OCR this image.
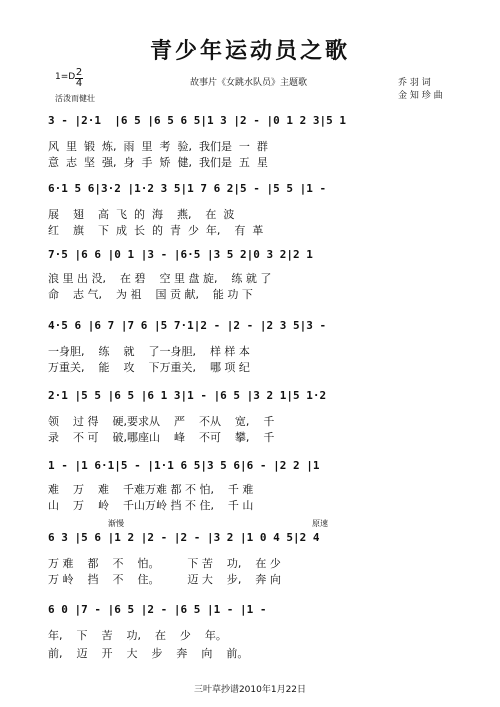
青少年运动员之歌
1=D 2
4
活泼而健壮
故事片《女跳水队员》主题歌	乔 羽 词
金 知 珍 曲
3 - |2·1  |6 5 |6 5 6 5|1 3 |2 - |0 1 2 3|5 1
风  里  锻  炼,  雨  里  考  验,  我们是  一  群
意  志  坚  强,  身  手  矫  健,  我们是  五  星
6·1 5 6|3·2 |1·2 3 5|1 7 6 2|5 - |5 5 |1 -
展    翅    高  飞  的  海    燕,    在  波
红    旗    下  成  长  的  青  少  年,    有  革
7·5 |6 6 |0 1 |3 - |6·5 |3 5 2|0 3 2|2 1
浪 里 出 没,    在 碧    空 里 盘 旋,    练 就 了
命    志 气,    为 祖    国 贡 献,    能 功 下
4·5 6 |6 7 |7 6 |5 7·1|2 - |2 - |2 3 5|3 -
一身胆,    练    就    了一身胆,    样 样 本
万重关,    能    攻    下万重关,    哪 项 纪
2·1 |5 5 |6 5 |6 1 3|1 - |6 5 |3 2 1|5 1·2
领    过 得    硬,要求从    严    不从    宽,    千
录    不 可    破,哪座山    峰    不可    攀,    千
1 - |1 6·1|5 - |1·1 6 5|3 5 6|6 - |2 2 |1
难    万    难    千难万难 都 不 怕,    千 难
山    万    岭    千山万岭 挡 不 住,    千 山
渐慢	原速
6 3 |5 6 |1 2 |2 - |2 - |3 2 |1 0 4 5|2 4
万 难    都    不    怕。        下 苦    功,    在 少
万 岭    挡    不    住。        迈 大    步,    奔 向
6 0 |7 - |6 5 |2 - |6 5 |1 - |1 -
年,    下    苦    功,    在    少    年。
前,    迈    开    大    步    奔    向    前。
三叶草抄谱2010年1月22日
